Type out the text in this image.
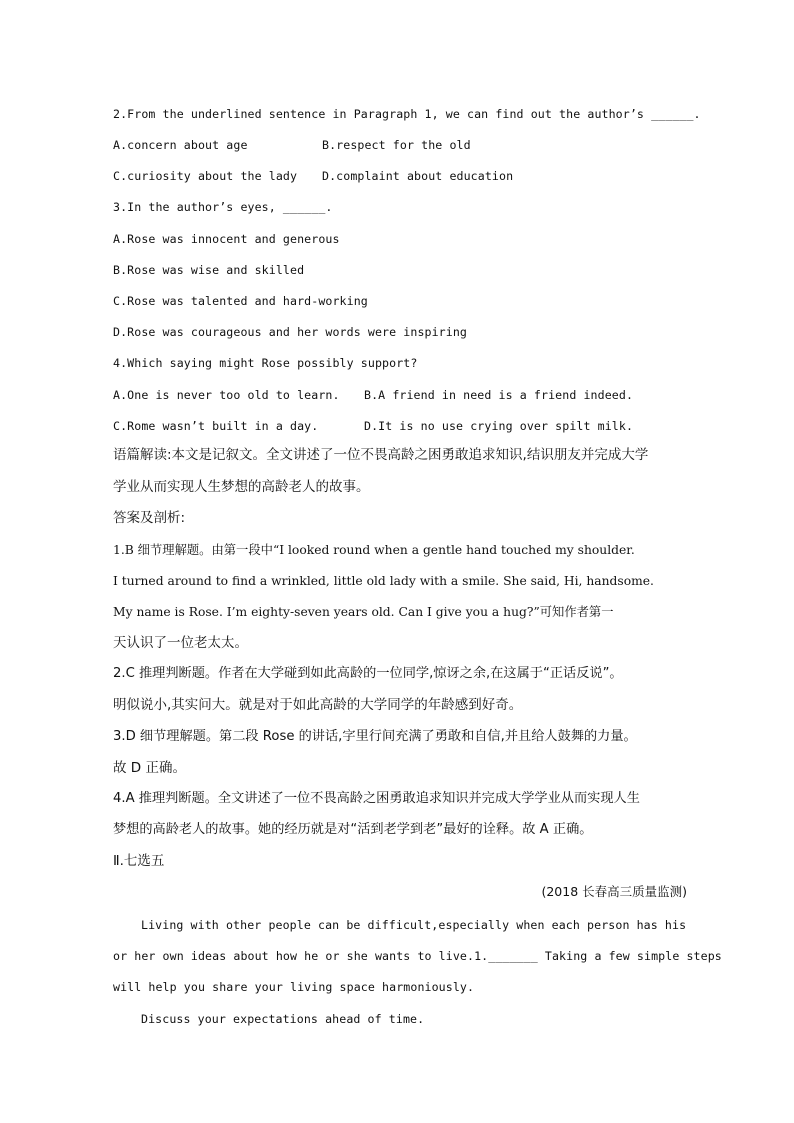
2.From the underlined sentence in Paragraph 1, we can find out the author’s ______.
A.concern about age	B.respect for the old
C.curiosity about the lady D.complaint about education
3.In the author’s eyes, ______.
A.Rose was innocent and generous
B.Rose was wise and skilled
C.Rose was talented and hard-working
D.Rose was courageous and her words were inspiring
4.Which saying might Rose possibly support?
A.One is never too old to learn. B.A friend in need is a friend indeed.
C.Rome wasn’t built in a day.	D.It is no use crying over spilt milk.
语篇解读:本文是记叙文。全文讲述了一位不畏高龄之困勇敢追求知识,结识朋友并完成大学
学业从而实现人生梦想的高龄老人的故事。
答案及剖析:
1.B 细节理解题。由第一段中“I looked round when a gentle hand touched my shoulder.
I turned around to find a wrinkled, little old lady with a smile. She said, Hi, handsome.
My name is Rose. I’m eighty-seven years old. Can I give you a hug?”可知作者第一
天认识了一位老太太。
2.C 推理判断题。作者在大学碰到如此高龄的一位同学,惊讶之余,在这属于“正话反说”。
明似说小,其实问大。就是对于如此高龄的大学同学的年龄感到好奇。
3.D 细节理解题。第二段 Rose 的讲话,字里行间充满了勇敢和自信,并且给人鼓舞的力量。
故 D 正确。
4.A 推理判断题。全文讲述了一位不畏高龄之困勇敢追求知识并完成大学学业从而实现人生
梦想的高龄老人的故事。她的经历就是对“活到老学到老”最好的诠释。故 A 正确。
Ⅱ.七选五
(2018 长春高三质量监测)
Living with other people can be difficult,especially when each person has his
or her own ideas about how he or she wants to live.1._______ Taking a few simple steps
will help you share your living space harmoniously.
Discuss your expectations ahead of time.
